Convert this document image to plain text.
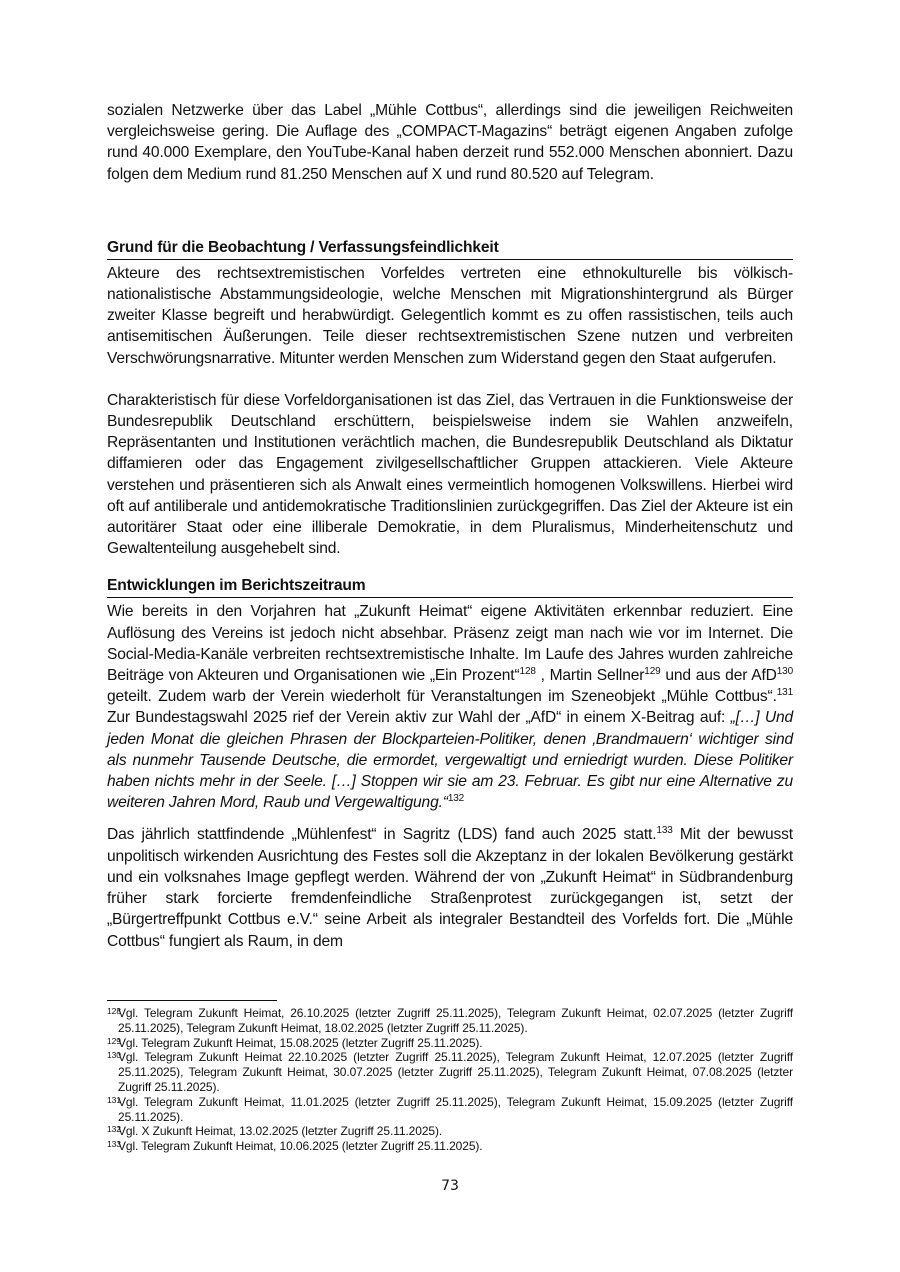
sozialen Netzwerke über das Label „Mühle Cottbus“, allerdings sind die jeweiligen Reichweiten vergleichsweise gering. Die Auflage des „COMPACT-Magazins“ beträgt eigenen Angaben zufolge rund 40.000 Exemplare, den YouTube-Kanal haben derzeit rund 552.000 Menschen abonniert. Dazu folgen dem Medium rund 81.250 Menschen auf X und rund 80.520 auf Telegram.

Grund für die Beobachtung / Verfassungsfeindlichkeit

Akteure des rechtsextremistischen Vorfeldes vertreten eine ethnokulturelle bis völkisch-nationalistische Abstammungsideologie, welche Menschen mit Migrationshintergrund als Bürger zweiter Klasse begreift und herabwürdigt. Gelegentlich kommt es zu offen rassistischen, teils auch antisemitischen Äußerungen. Teile dieser rechtsextremistischen Szene nutzen und verbreiten Verschwörungsnarrative. Mitunter werden Menschen zum Widerstand gegen den Staat aufgerufen.

Charakteristisch für diese Vorfeldorganisationen ist das Ziel, das Vertrauen in die Funktionsweise der Bundesrepublik Deutschland erschüttern, beispielsweise indem sie Wahlen anzweifeln, Repräsentanten und Institutionen verächtlich machen, die Bundesrepublik Deutschland als Diktatur diffamieren oder das Engagement zivilgesellschaftlicher Gruppen attackieren. Viele Akteure verstehen und präsentieren sich als Anwalt eines vermeintlich homogenen Volkswillens. Hierbei wird oft auf antiliberale und antidemokratische Traditionslinien zurückgegriffen. Das Ziel der Akteure ist ein autoritärer Staat oder eine illiberale Demokratie, in dem Pluralismus, Minderheitenschutz und Gewaltenteilung ausgehebelt sind.

Entwicklungen im Berichtszeitraum

Wie bereits in den Vorjahren hat „Zukunft Heimat“ eigene Aktivitäten erkennbar reduziert. Eine Auflösung des Vereins ist jedoch nicht absehbar. Präsenz zeigt man nach wie vor im Internet. Die Social-Media-Kanäle verbreiten rechtsextremistische Inhalte. Im Laufe des Jahres wurden zahlreiche Beiträge von Akteuren und Organisationen wie „Ein Prozent“$^{128}$ , Martin Sellner$^{129}$ und aus der AfD$^{130}$ geteilt. Zudem warb der Verein wiederholt für Veranstaltungen im Szeneobjekt „Mühle Cottbus“.$^{131}$ Zur Bundestagswahl 2025 rief der Verein aktiv zur Wahl der „AfD“ in einem X-Beitrag auf: „[…] Und jeden Monat die gleichen Phrasen der Blockparteien-Politiker, denen ‚Brandmauern‘ wichtiger sind als nunmehr Tausende Deutsche, die ermordet, vergewaltigt und erniedrigt wurden. Diese Politiker haben nichts mehr in der Seele. […] Stoppen wir sie am 23. Februar. Es gibt nur eine Alternative zu weiteren Jahren Mord, Raub und Vergewaltigung.“$^{132}$

Das jährlich stattfindende „Mühlenfest“ in Sagritz (LDS) fand auch 2025 statt.$^{133}$ Mit der bewusst unpolitisch wirkenden Ausrichtung des Festes soll die Akzeptanz in der lokalen Bevölkerung gestärkt und ein volksnahes Image gepflegt werden. Während der von „Zukunft Heimat“ in Südbrandenburg früher stark forcierte fremdenfeindliche Straßenprotest zurückgegangen ist, setzt der „Bürgertreffpunkt Cottbus e.V.“ seine Arbeit als integraler Bestandteil des Vorfelds fort. Die „Mühle Cottbus“ fungiert als Raum, in dem

128
Vgl. Telegram Zukunft Heimat, 26.10.2025 (letzter Zugriff 25.11.2025), Telegram Zukunft Heimat, 02.07.2025 (letzter Zugriff 25.11.2025), Telegram Zukunft Heimat, 18.02.2025 (letzter Zugriff 25.11.2025).
129
Vgl. Telegram Zukunft Heimat, 15.08.2025 (letzter Zugriff 25.11.2025).
130
Vgl. Telegram Zukunft Heimat 22.10.2025 (letzter Zugriff 25.11.2025), Telegram Zukunft Heimat, 12.07.2025 (letzter Zugriff 25.11.2025), Telegram Zukunft Heimat, 30.07.2025 (letzter Zugriff 25.11.2025), Telegram Zukunft Heimat, 07.08.2025 (letzter Zugriff 25.11.2025).
131
Vgl. Telegram Zukunft Heimat, 11.01.2025 (letzter Zugriff 25.11.2025), Telegram Zukunft Heimat, 15.09.2025 (letzter Zugriff 25.11.2025).
132
Vgl. X Zukunft Heimat, 13.02.2025 (letzter Zugriff 25.11.2025).
133
Vgl. Telegram Zukunft Heimat, 10.06.2025 (letzter Zugriff 25.11.2025).
73
